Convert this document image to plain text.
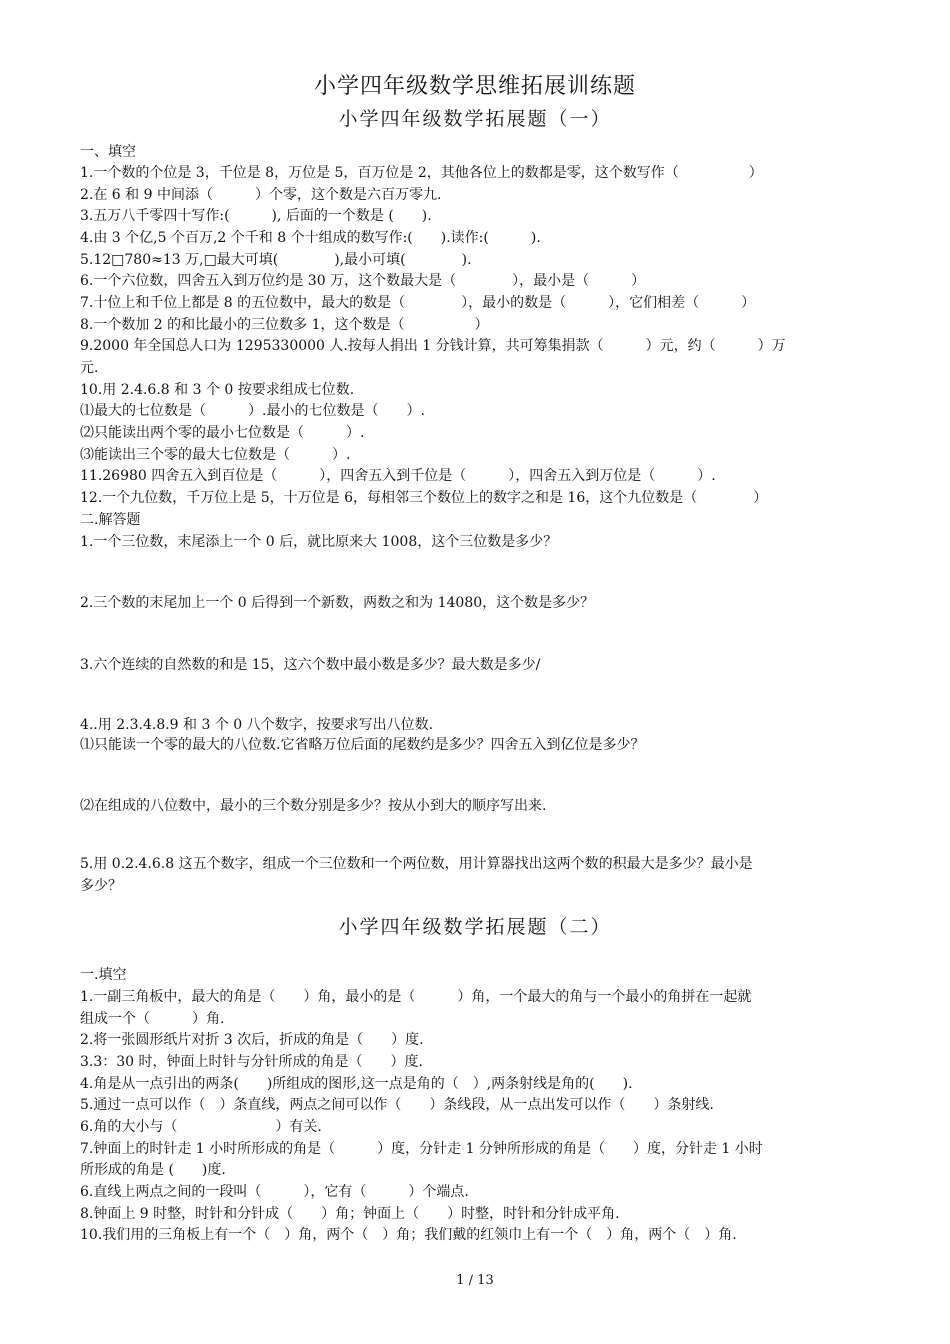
小学四年级数学思维拓展训练题
小学四年级数学拓展题（一）
一、填空
1.一个数的个位是 3，千位是 8，万位是 5，百万位是 2，其他各位上的数都是零，这个数写作（　　　　　）
2.在 6 和 9 中间添（　　　）个零，这个数是六百万零九.
3.五万八千零四十写作:(　　　), 后面的一个数是 (　　).
4.由 3 个亿,5 个百万,2 个千和 8 个十组成的数写作:(　　).读作:(　　　).
5.12□780≈13 万,□最大可填(　　　　),最小可填(　　　　).
6.一个六位数，四舍五入到万位约是 30 万，这个数最大是（　　　　），最小是（　　　）
7.十位上和千位上都是 8 的五位数中，最大的数是（　　　　），最小的数是（　　　），它们相差（　　　）
8.一个数加 2 的和比最小的三位数多 1，这个数是（　　　　　）
9.2000 年全国总人口为 1295330000 人.按每人捐出 1 分钱计算，共可筹集捐款（　　　）元，约（　　　）万
元.
10.用 2.4.6.8 和 3 个 0 按要求组成七位数.
⑴最大的七位数是（　　　）.最小的七位数是（　　）.
⑵只能读出两个零的最小七位数是（　　　）.
⑶能读出三个零的最大七位数是（　　　）.
11.26980 四舍五入到百位是（　　　），四舍五入到千位是（　　　），四舍五入到万位是（　　　）.
12.一个九位数，千万位上是 5，十万位是 6，每相邻三个数位上的数字之和是 16，这个九位数是（　　　　）
二.解答题
1.一个三位数，末尾添上一个 0 后，就比原来大 1008，这个三位数是多少？
2.三个数的末尾加上一个 0 后得到一个新数，两数之和为 14080，这个数是多少？
3.六个连续的自然数的和是 15，这六个数中最小数是多少？最大数是多少/
4..用 2.3.4.8.9 和 3 个 0 八个数字，按要求写出八位数.
⑴只能读一个零的最大的八位数.它省略万位后面的尾数约是多少？四舍五入到亿位是多少？
⑵在组成的八位数中，最小的三个数分别是多少？按从小到大的顺序写出来.
5.用 0.2.4.6.8 这五个数字，组成一个三位数和一个两位数，用计算器找出这两个数的积最大是多少？最小是
多少？
一.填空
1.一副三角板中，最大的角是（　　）角，最小的是（　　　）角，一个最大的角与一个最小的角拼在一起就
组成一个（　　　）角.
2.将一张圆形纸片对折 3 次后，折成的角是（　　）度.
3.3：30 时，钟面上时针与分针所成的角是（　　）度.
4.角是从一点引出的两条(　　)所组成的图形,这一点是角的（　）,两条射线是角的(　　).
5.通过一点可以作（　）条直线，两点之间可以作（　　）条线段，从一点出发可以作（　　）条射线.
6.角的大小与（　　　　　　　）有关.
7.钟面上的时针走 1 小时所形成的角是（　　　）度，分针走 1 分钟所形成的角是（　　）度，分针走 1 小时
所形成的角是 (　　)度.
6.直线上两点之间的一段叫（　　　），它有（　　　）个端点.
8.钟面上 9 时整，时针和分针成（　　）角；钟面上（　　）时整，时针和分针成平角.
10.我们用的三角板上有一个（　）角，两个（　）角；我们戴的红领巾上有一个（　）角，两个（　）角.
小学四年级数学拓展题（二）
1 / 13
